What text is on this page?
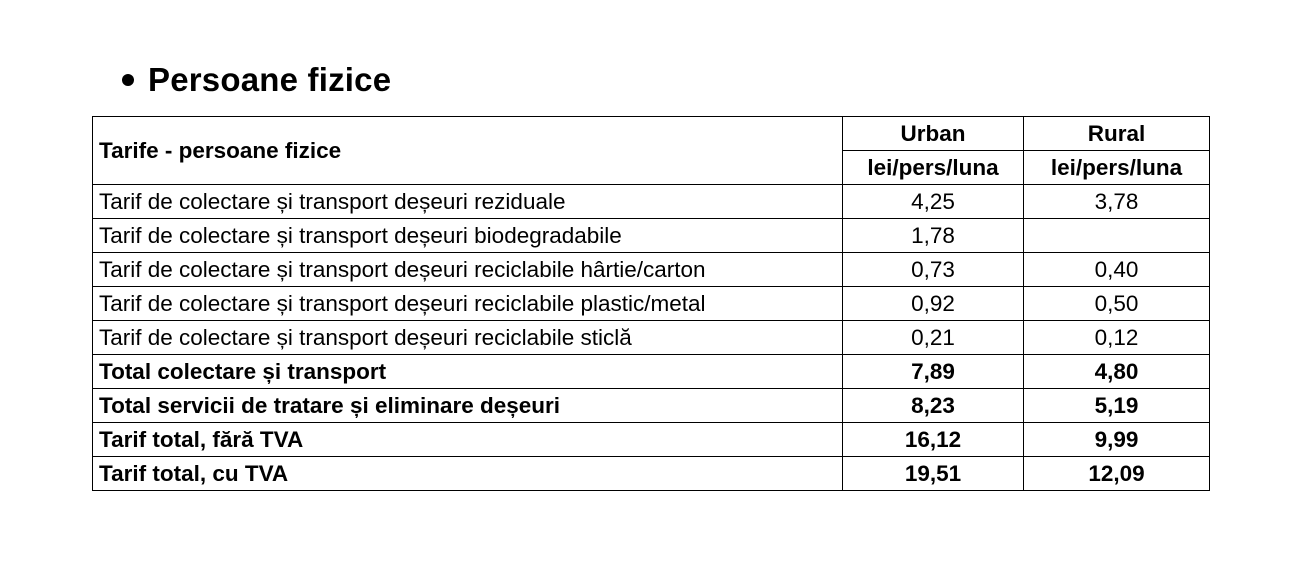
Persoane fizice
Tarife - persoane fizice	Urban	Rural
	lei/pers/luna	lei/pers/luna
Tarif de colectare și transport deșeuri reziduale	4,25	3,78
Tarif de colectare și transport deșeuri biodegradabile	1,78	
Tarif de colectare și transport deșeuri reciclabile hârtie/carton	0,73	0,40
Tarif de colectare și transport deșeuri reciclabile plastic/metal	0,92	0,50
Tarif de colectare și transport deșeuri reciclabile sticlă	0,21	0,12
Total colectare și transport	7,89	4,80
Total servicii de tratare și eliminare deșeuri	8,23	5,19
Tarif total, fără TVA	16,12	9,99
Tarif total, cu TVA	19,51	12,09
